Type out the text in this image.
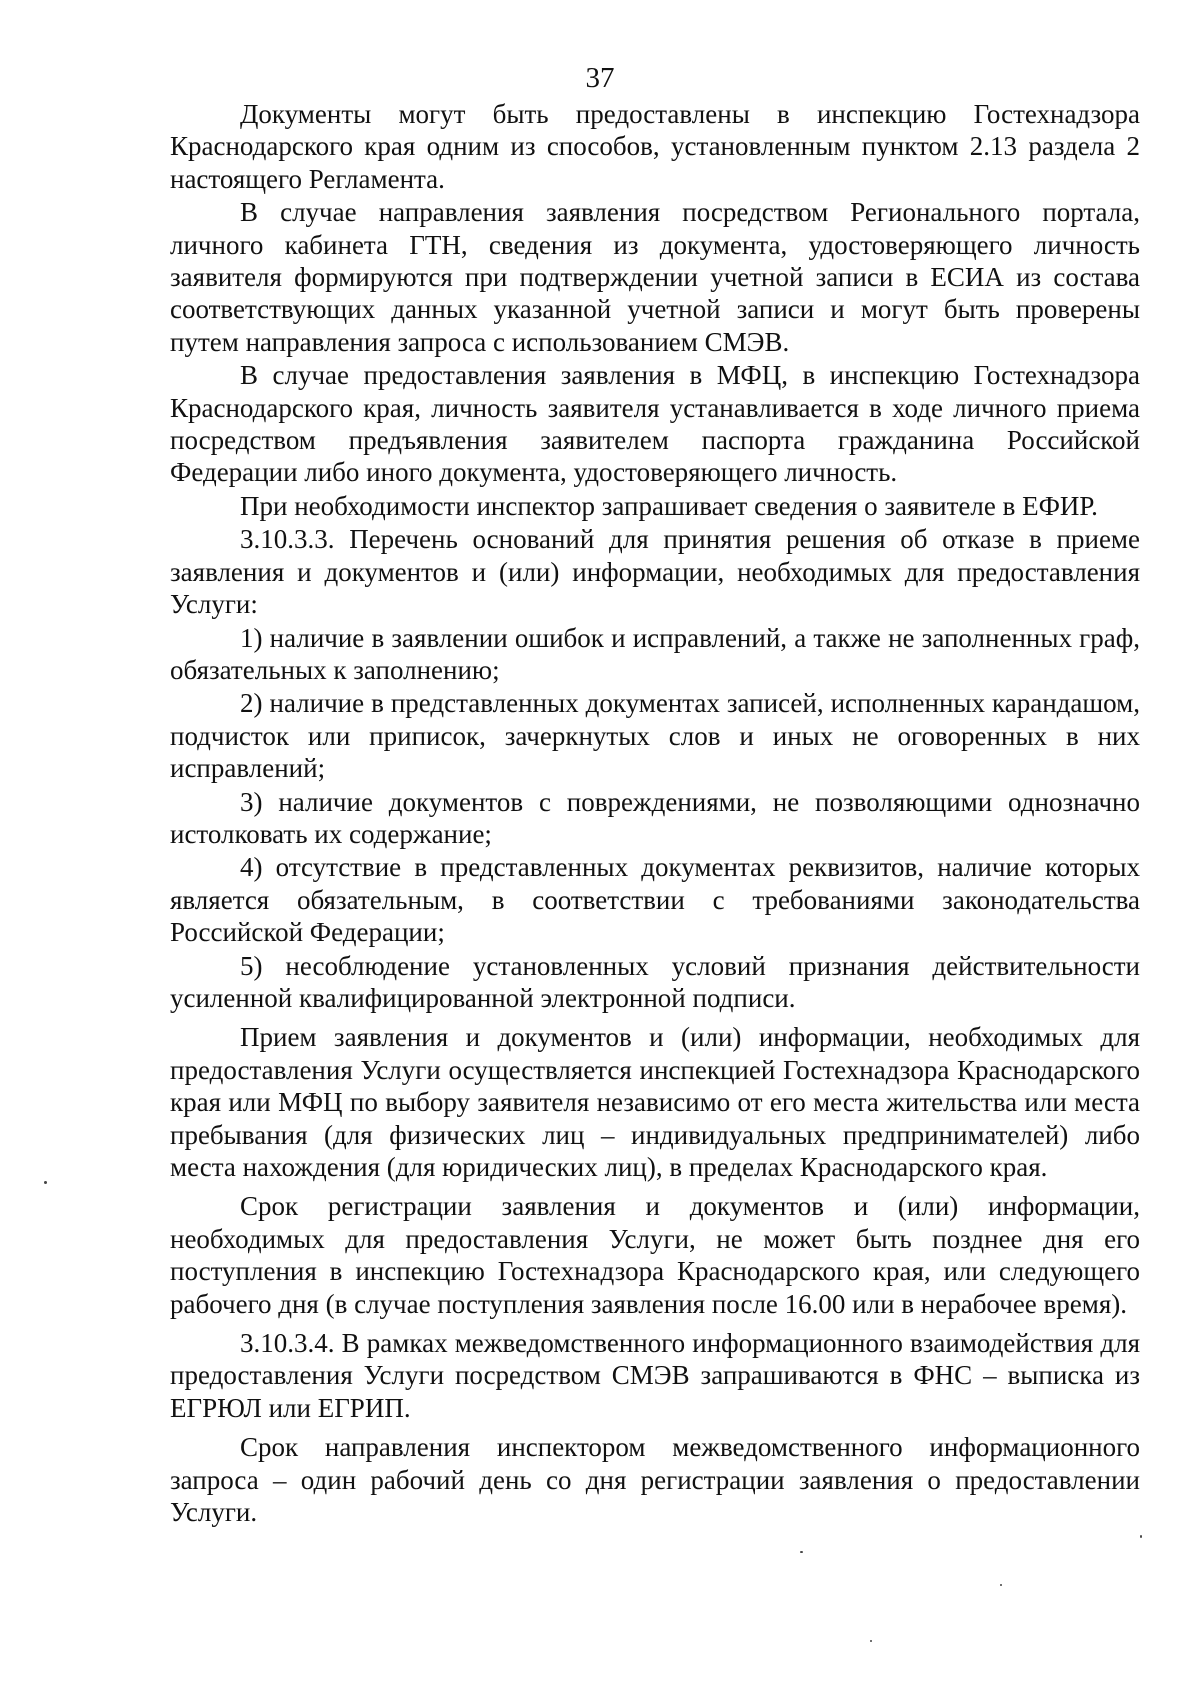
37

Документы могут быть предоставлены в инспекцию Гостехнадзора Краснодарского края одним из способов, установленным пунктом 2.13 раздела 2 настоящего Регламента.

В случае направления заявления посредством Регионального портала, личного кабинета ГТН, сведения из документа, удостоверяющего личность заявителя формируются при подтверждении учетной записи в ЕСИА из состава соответствующих данных указанной учетной записи и могут быть проверены путем направления запроса с использованием СМЭВ.

В случае предоставления заявления в МФЦ, в инспекцию Гостехнадзора Краснодарского края, личность заявителя устанавливается в ходе личного приема посредством предъявления заявителем паспорта гражданина Российской Федерации либо иного документа, удостоверяющего личность.

При необходимости инспектор запрашивает сведения о заявителе в ЕФИР.

3.10.3.3. Перечень оснований для принятия решения об отказе в приеме заявления и документов и (или) информации, необходимых для предоставления Услуги:

1) наличие в заявлении ошибок и исправлений, а также не заполненных граф, обязательных к заполнению;

2) наличие в представленных документах записей, исполненных карандашом, подчисток или приписок, зачеркнутых слов и иных не оговоренных в них исправлений;

3) наличие документов с повреждениями, не позволяющими однозначно истолковать их содержание;

4) отсутствие в представленных документах реквизитов, наличие которых является обязательным, в соответствии с требованиями законодательства Российской Федерации;

5) несоблюдение установленных условий признания действительности усиленной квалифицированной электронной подписи.

Прием заявления и документов и (или) информации, необходимых для предоставления Услуги осуществляется инспекцией Гостехнадзора Краснодарского края или МФЦ по выбору заявителя независимо от его места жительства или места пребывания (для физических лиц – индивидуальных предпринимателей) либо места нахождения (для юридических лиц), в пределах Краснодарского края.

Срок регистрации заявления и документов и (или) информации, необходимых для предоставления Услуги, не может быть позднее дня его поступления в инспекцию Гостехнадзора Краснодарского края, или следующего рабочего дня (в случае поступления заявления после 16.00 или в нерабочее время).

3.10.3.4. В рамках межведомственного информационного взаимодействия для предоставления Услуги посредством СМЭВ запрашиваются в ФНС – выписка из ЕГРЮЛ или ЕГРИП.

Срок направления инспектором межведомственного информационного запроса – один рабочий день со дня регистрации заявления о предоставлении Услуги.
